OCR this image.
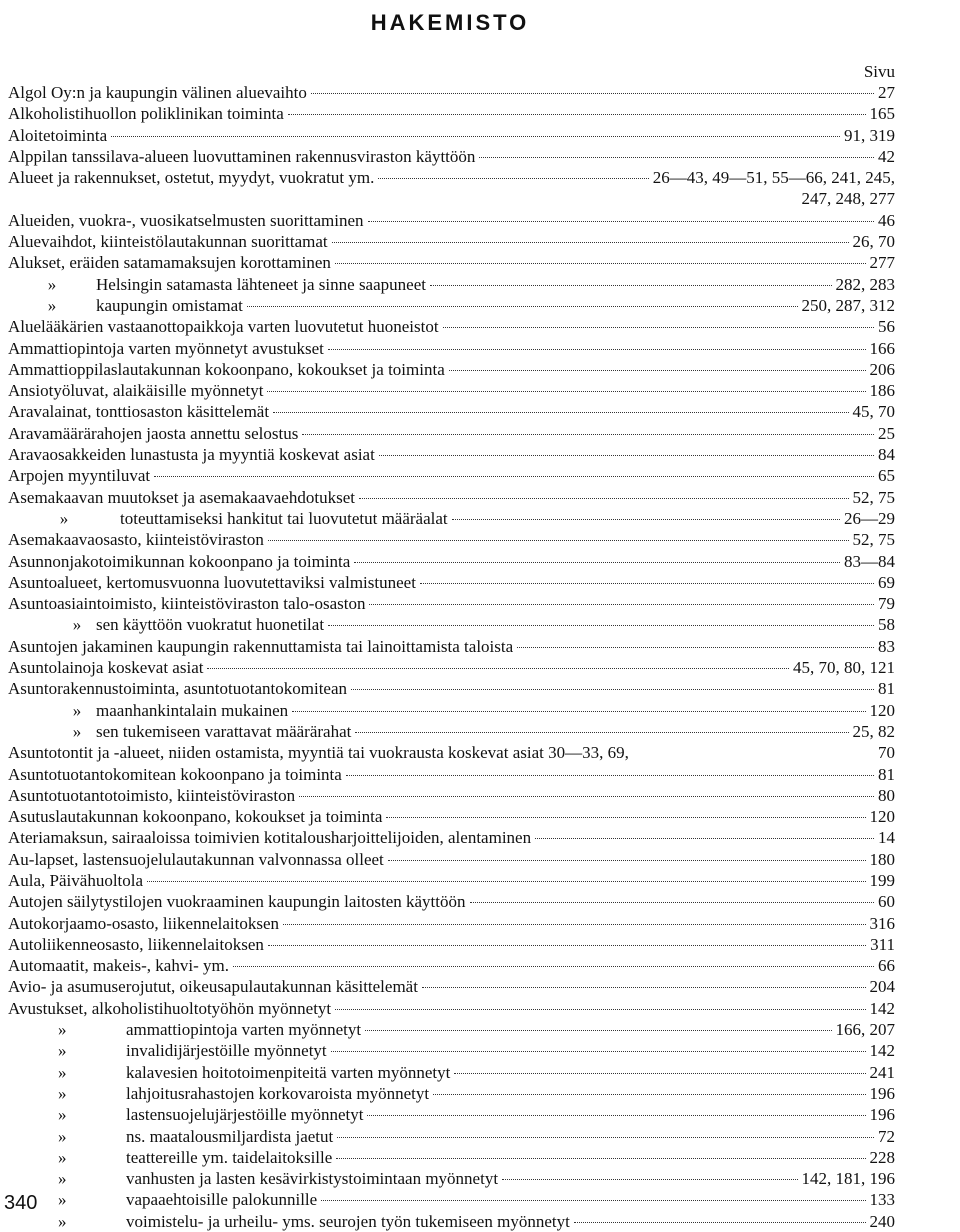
HAKEMISTO
Sivu
Algol Oy:n ja kaupungin välinen aluevaihto	27
Alkoholistihuollon poliklinikan toiminta	165
Aloitetoiminta	91, 319
Alppilan tanssilava-alueen luovuttaminen rakennusviraston käyttöön	42
Alueet ja rakennukset, ostetut, myydyt, vuokratut ym.	26—43, 49—51, 55—66, 241, 245,
247, 248, 277
Alueiden, vuokra-, vuosikatselmusten suorittaminen	46
Aluevaihdot, kiinteistölautakunnan suorittamat	26, 70
Alukset, eräiden satamamaksujen korottaminen	277
»	Helsingin satamasta lähteneet ja sinne saapuneet	282, 283
»	kaupungin omistamat	250, 287, 312
Aluelääkärien vastaanottopaikkoja varten luovutetut huoneistot	56
Ammattiopintoja varten myönnetyt avustukset	166
Ammattioppilaslautakunnan kokoonpano, kokoukset ja toiminta	206
Ansiotyöluvat, alaikäisille myönnetyt	186
Aravalainat, tonttiosaston käsittelemät	45, 70
Aravamäärärahojen jaosta annettu selostus	25
Aravaosakkeiden lunastusta ja myyntiä koskevat asiat	84
Arpojen myyntiluvat	65
Asemakaavan muutokset ja asemakaavaehdotukset	52, 75
»	toteuttamiseksi hankitut tai luovutetut määräalat	26—29
Asemakaavaosasto, kiinteistöviraston	52, 75
Asunnonjakotoimikunnan kokoonpano ja toiminta	83—84
Asuntoalueet, kertomusvuonna luovutettaviksi valmistuneet	69
Asuntoasiaintoimisto, kiinteistöviraston talo-osaston	79
» sen käyttöön vuokratut huonetilat	58
Asuntojen jakaminen kaupungin rakennuttamista tai lainoittamista taloista	83
Asuntolainoja koskevat asiat	45, 70, 80, 121
Asuntorakennustoiminta, asuntotuotantokomitean	81
» maanhankintalain mukainen	120
» sen tukemiseen varattavat määrärahat	25, 82
Asuntotontit ja -alueet, niiden ostamista, myyntiä tai vuokrausta koskevat asiat 30—33, 69,	70
Asuntotuotantokomitean kokoonpano ja toiminta	81
Asuntotuotantotoimisto, kiinteistöviraston	80
Asutuslautakunnan kokoonpano, kokoukset ja toiminta	120
Ateriamaksun, sairaaloissa toimivien kotitalousharjoittelijoiden, alentaminen	14
Au-lapset, lastensuojelulautakunnan valvonnassa olleet	180
Aula, Päivähuoltola	199
Autojen säilytystilojen vuokraaminen kaupungin laitosten käyttöön	60
Autokorjaamo-osasto, liikennelaitoksen	316
Autoliikenneosasto, liikennelaitoksen	311
Automaatit, makeis-, kahvi- ym.	66
Avio- ja asumuserojutut, oikeusapulautakunnan käsittelemät	204
Avustukset, alkoholistihuoltotyöhön myönnetyt	142
»	ammattiopintoja varten myönnetyt	166, 207
»	invalidijärjestöille myönnetyt	142
»	kalavesien hoitotoimenpiteitä varten myönnetyt	241
»	lahjoitusrahastojen korkovaroista myönnetyt	196
»	lastensuojelujärjestöille myönnetyt	196
»	ns. maatalousmiljardista jaetut	72
»	teattereille ym. taidelaitoksille	228
»	vanhusten ja lasten kesävirkistystoimintaan myönnetyt	142, 181, 196
»	vapaaehtoisille palokunnille	133
»	voimistelu- ja urheilu- yms. seurojen työn tukemiseen myönnetyt	240
340
